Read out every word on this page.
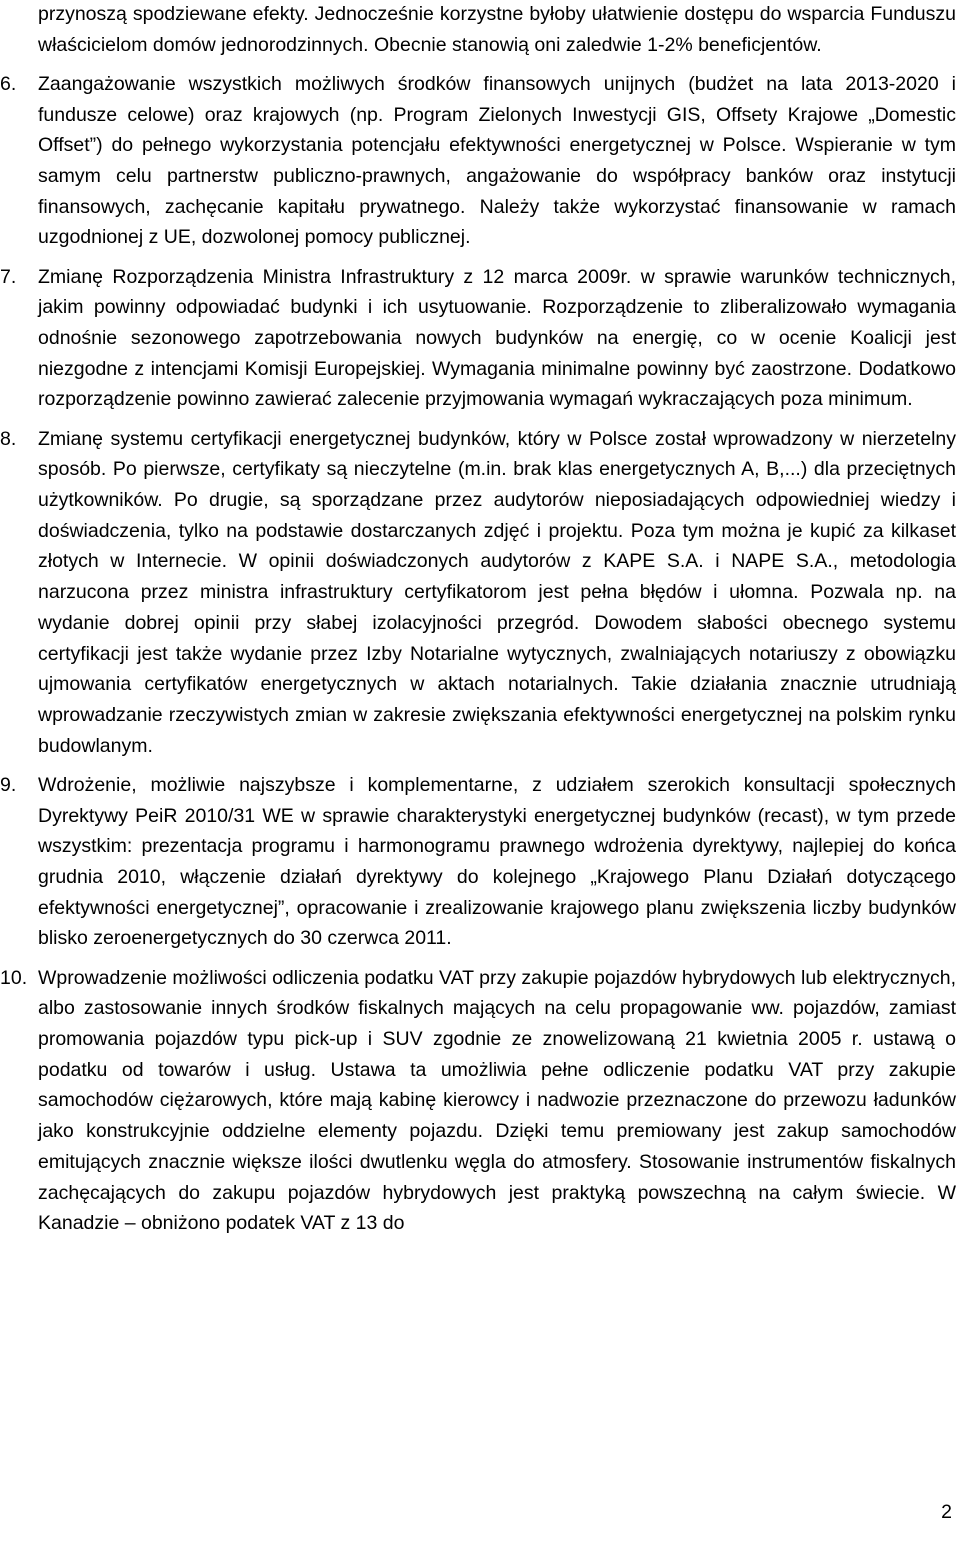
przynoszą spodziewane efekty. Jednocześnie korzystne byłoby ułatwienie dostępu do wsparcia Funduszu właścicielom domów jednorodzinnych. Obecnie stanowią oni zaledwie 1-2% beneficjentów.

6.	Zaangażowanie wszystkich możliwych środków finansowych unijnych (budżet na lata 2013-2020 i fundusze celowe) oraz krajowych (np. Program Zielonych Inwestycji GIS, Offsety Krajowe „Domestic Offset”) do pełnego wykorzystania potencjału efektywności energetycznej w Polsce. Wspieranie w tym samym celu partnerstw publiczno-prawnych, angażowanie do współpracy banków oraz instytucji finansowych, zachęcanie kapitału prywatnego. Należy także wykorzystać finansowanie w ramach uzgodnionej z UE, dozwolonej pomocy publicznej.
7.	Zmianę Rozporządzenia Ministra Infrastruktury z 12 marca 2009r. w sprawie warunków technicznych, jakim powinny odpowiadać budynki i ich usytuowanie. Rozporządzenie to zliberalizowało wymagania odnośnie sezonowego zapotrzebowania nowych budynków na energię, co w ocenie Koalicji jest niezgodne z intencjami Komisji Europejskiej. Wymagania minimalne powinny być zaostrzone. Dodatkowo rozporządzenie powinno zawierać zalecenie przyjmowania wymagań wykraczających poza minimum.
8.	Zmianę systemu certyfikacji energetycznej budynków, który w Polsce został wprowadzony w nierzetelny sposób. Po pierwsze, certyfikaty są nieczytelne (m.in. brak klas energetycznych A, B,...) dla przeciętnych użytkowników. Po drugie, są sporządzane przez audytorów nieposiadających odpowiedniej wiedzy i doświadczenia, tylko na podstawie dostarczanych zdjęć i projektu. Poza tym można je kupić za kilkaset złotych w Internecie. W opinii doświadczonych audytorów z KAPE S.A. i NAPE S.A., metodologia narzucona przez ministra infrastruktury certyfikatorom jest pełna błędów i ułomna. Pozwala np. na wydanie dobrej opinii przy słabej izolacyjności przegród. Dowodem słabości obecnego systemu certyfikacji jest także wydanie przez Izby Notarialne wytycznych, zwalniających notariuszy z obowiązku ujmowania certyfikatów energetycznych w aktach notarialnych. Takie działania znacznie utrudniają wprowadzanie rzeczywistych zmian w zakresie zwiększania efektywności energetycznej na polskim rynku budowlanym.
9.	Wdrożenie, możliwie najszybsze i komplementarne, z udziałem szerokich konsultacji społecznych Dyrektywy PeiR 2010/31 WE w sprawie charakterystyki energetycznej budynków (recast), w tym przede wszystkim: prezentacja programu i harmonogramu prawnego wdrożenia dyrektywy, najlepiej do końca grudnia 2010, włączenie działań dyrektywy do kolejnego „Krajowego Planu Działań dotyczącego efektywności energetycznej”, opracowanie i zrealizowanie krajowego planu zwiększenia liczby budynków blisko zeroenergetycznych do 30 czerwca 2011.
10. Wprowadzenie możliwości odliczenia podatku VAT przy zakupie pojazdów hybrydowych lub elektrycznych, albo zastosowanie innych środków fiskalnych mających na celu propagowanie ww. pojazdów, zamiast promowania pojazdów typu pick-up i SUV zgodnie ze znowelizowaną 21 kwietnia 2005 r. ustawą o podatku od towarów i usług. Ustawa ta umożliwia pełne odliczenie podatku VAT przy zakupie samochodów ciężarowych, które mają kabinę kierowcy i nadwozie przeznaczone do przewozu ładunków jako konstrukcyjnie oddzielne elementy pojazdu. Dzięki temu premiowany jest zakup samochodów emitujących znacznie większe ilości dwutlenku węgla do atmosfery. Stosowanie instrumentów fiskalnych zachęcających do zakupu pojazdów hybrydowych jest praktyką powszechną na całym świecie. W Kanadzie – obniżono podatek VAT z 13 do
2
